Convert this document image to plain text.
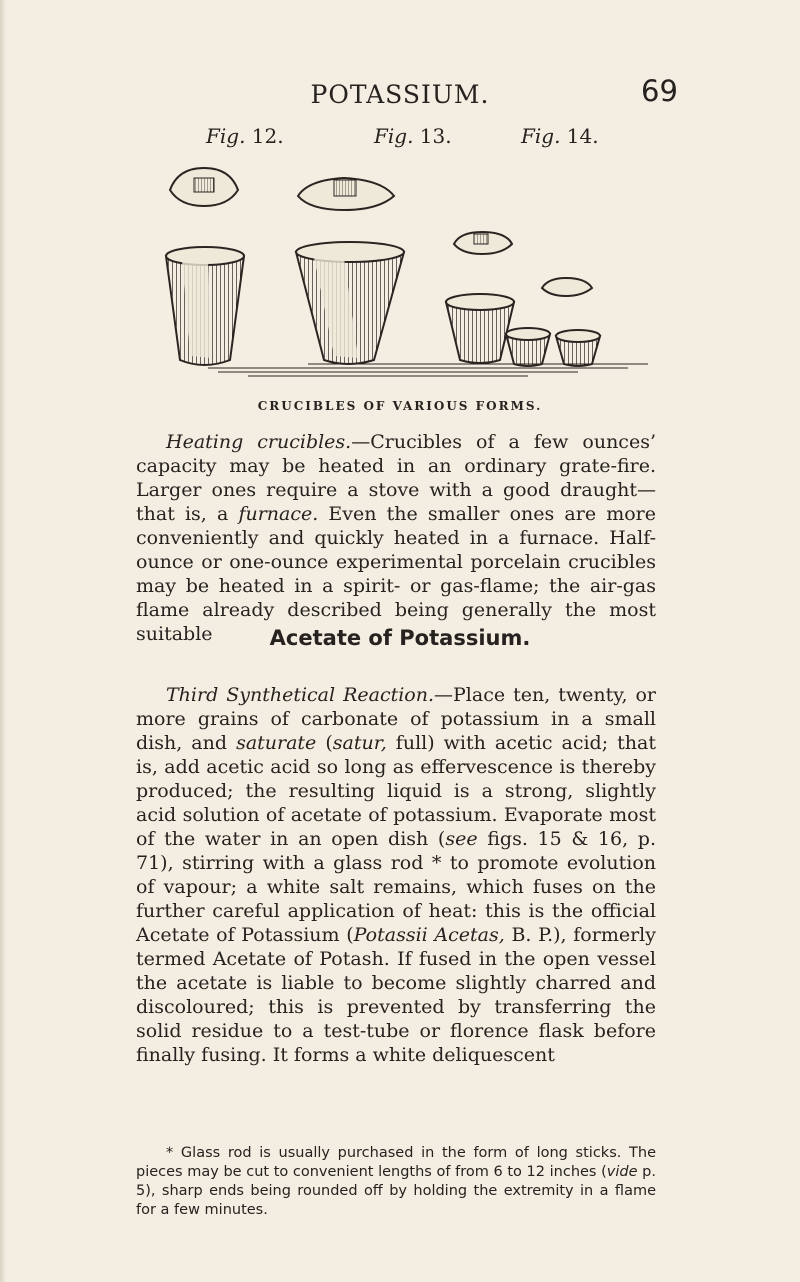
POTASSIUM.	69
Fig. 12.	Fig. 13.	Fig. 14.
CRUCIBLES OF VARIOUS FORMS.

Heating crucibles.—Crucibles of a few ounces’ capacity may be heated in an ordinary grate-fire. Larger ones require a stove with a good draught—that is, a furnace. Even the smaller ones are more conveniently and quickly heated in a furnace. Half-ounce or one-ounce experimental porcelain crucibles may be heated in a spirit- or gas-flame; the air-gas flame already described being generally the most suitable	Acetate of Potassium.

Third Synthetical Reaction.—Place ten, twenty, or more grains of carbonate of potassium in a small dish, and saturate (satur, full) with acetic acid; that is, add acetic acid so long as effervescence is thereby produced; the resulting liquid is a strong, slightly acid solution of acetate of potassium. Evaporate most of the water in an open dish (see figs. 15 & 16, p. 71), stirring with a glass rod * to promote evolution of vapour; a white salt remains, which fuses on the further careful application of heat: this is the official Acetate of Potassium (Potassii Acetas, B. P.), formerly termed Acetate of Potash. If fused in the open vessel the acetate is liable to become slightly charred and discoloured; this is prevented by transferring the solid residue to a test-tube or florence flask before finally fusing. It forms a white deliquescent

* Glass rod is usually purchased in the form of long sticks. The pieces may be cut to convenient lengths of from 6 to 12 inches (vide p. 5), sharp ends being rounded off by holding the extremity in a flame for a few minutes.
